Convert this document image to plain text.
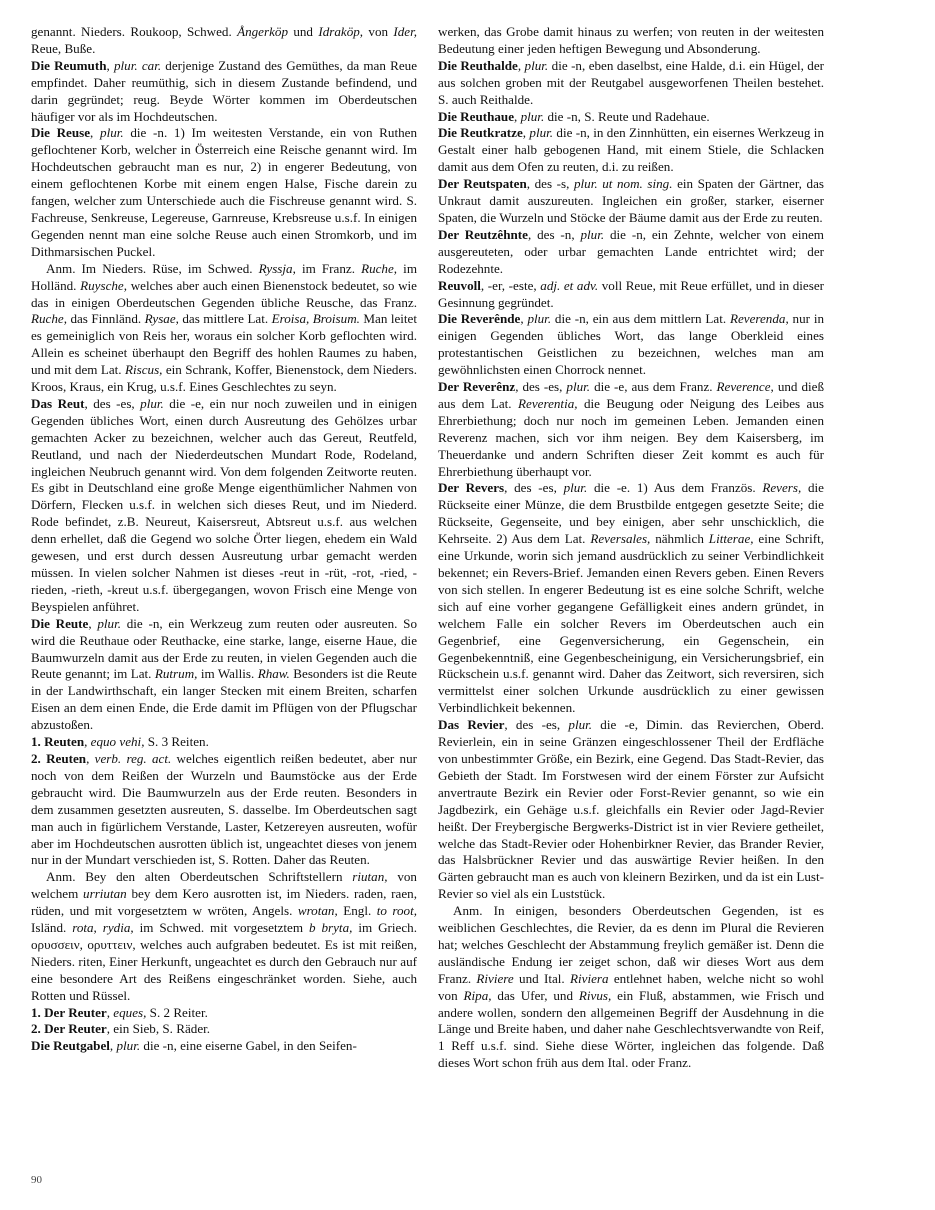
genannt. Nieders. Roukoop, Schwed. Ångerköp und Idraköp, von Ider, Reue, Buße.

Die Reumuth, plur. car. derjenige Zustand des Gemüthes, da man Reue empfindet. Daher reumüthig, sich in diesem Zustande befindend, und darin gegründet; reug. Beyde Wörter kommen im Oberdeutschen häufiger vor als im Hochdeutschen.

Die Reuse, plur. die -n. 1) Im weitesten Verstande, ein von Ruthen geflochtener Korb, welcher in Österreich eine Reische genannt wird. Im Hochdeutschen gebraucht man es nur, 2) in engerer Bedeutung, von einem geflochtenen Korbe mit einem engen Halse, Fische darein zu fangen, welcher zum Unterschiede auch die Fischreuse genannt wird. S. Fachreuse, Senkreuse, Legereuse, Garnreuse, Krebsreuse u.s.f. In einigen Gegenden nennt man eine solche Reuse auch einen Stromkorb, und im Dithmarsischen Puckel.

Anm. Im Nieders. Rüse, im Schwed. Ryssja, im Franz. Ruche, im Holländ. Ruysche, welches aber auch einen Bienenstock bedeutet, so wie das in einigen Oberdeutschen Gegenden übliche Reusche, das Franz. Ruche, das Finnländ. Rysae, das mittlere Lat. Eroisa, Broisum. Man leitet es gemeiniglich von Reis her, woraus ein solcher Korb geflochten wird. Allein es scheinet überhaupt den Begriff des hohlen Raumes zu haben, und mit dem Lat. Riscus, ein Schrank, Koffer, Bienenstock, dem Nieders. Kroos, Kraus, ein Krug, u.s.f. Eines Geschlechtes zu seyn.

Das Reut, des -es, plur. die -e, ein nur noch zuweilen und in einigen Gegenden übliches Wort, einen durch Ausreutung des Gehölzes urbar gemachten Acker zu bezeichnen, welcher auch das Gereut, Reutfeld, Reutland, und nach der Niederdeutschen Mundart Rode, Rodeland, ingleichen Neubruch genannt wird. Von dem folgenden Zeitworte reuten. Es gibt in Deutschland eine große Menge eigenthümlicher Nahmen von Dörfern, Flecken u.s.f. in welchen sich dieses Reut, und im Niederd. Rode befindet, z.B. Neureut, Kaisersreut, Abtsreut u.s.f. aus welchen denn erhellet, daß die Gegend wo solche Örter liegen, ehedem ein Wald gewesen, und erst durch dessen Ausreutung urbar gemacht werden müssen. In vielen solcher Nahmen ist dieses -reut in -rüt, -rot, -ried, -rieden, -rieth, -kreut u.s.f. übergegangen, wovon Frisch eine Menge von Beyspielen anführet.

Die Reute, plur. die -n, ein Werkzeug zum reuten oder ausreuten. So wird die Reuthaue oder Reuthacke, eine starke, lange, eiserne Haue, die Baumwurzeln damit aus der Erde zu reuten, in vielen Gegenden auch die Reute genannt; im Lat. Rutrum, im Wallis. Rhaw. Besonders ist die Reute in der Landwirthschaft, ein langer Stecken mit einem Breiten, scharfen Eisen an dem einen Ende, die Erde damit im Pflügen von der Pflugschar abzustoßen.

1. Reuten, equo vehi, S. 3 Reiten.

2. Reuten, verb. reg. act. welches eigentlich reißen bedeutet, aber nur noch von dem Reißen der Wurzeln und Baumstöcke aus der Erde gebraucht wird. Die Baumwurzeln aus der Erde reuten. Besonders in dem zusammen gesetzten ausreuten, S. dasselbe. Im Oberdeutschen sagt man auch in figürlichem Verstande, Laster, Ketzereyen ausreuten, wofür aber im Hochdeutschen ausrotten üblich ist, ungeachtet dieses von jenem nur in der Mundart verschieden ist, S. Rotten. Daher das Reuten.

Anm. Bey den alten Oberdeutschen Schriftstellern riutan, von welchem urriutan bey dem Kero ausrotten ist, im Nieders. raden, raen, rüden, und mit vorgesetztem w wröten, Angels. wrotan, Engl. to root, Isländ. rota, rydia, im Schwed. mit vorgesetztem b bryta, im Griech. ορυσσειν, ορυττειν, welches auch aufgraben bedeutet. Es ist mit reißen, Nieders. riten, Einer Herkunft, ungeachtet es durch den Gebrauch nur auf eine besondere Art des Reißens eingeschränket worden. Siehe, auch Rotten und Rüssel.

1. Der Reuter, eques, S. 2 Reiter.

2. Der Reuter, ein Sieb, S. Räder.

Die Reutgabel, plur. die -n, eine eiserne Gabel, in den Seifen-

werken, das Grobe damit hinaus zu werfen; von reuten in der weitesten Bedeutung einer jeden heftigen Bewegung und Absonderung.

Die Reuthalde, plur. die -n, eben daselbst, eine Halde, d.i. ein Hügel, der aus solchen groben mit der Reutgabel ausgeworfenen Theilen bestehet. S. auch Reithalde.

Die Reuthaue, plur. die -n, S. Reute und Radehaue.

Die Reutkratze, plur. die -n, in den Zinnhütten, ein eisernes Werkzeug in Gestalt einer halb gebogenen Hand, mit einem Stiele, die Schlacken damit aus dem Ofen zu reuten, d.i. zu reißen.

Der Reutspaten, des -s, plur. ut nom. sing. ein Spaten der Gärtner, das Unkraut damit auszureuten. Ingleichen ein großer, starker, eiserner Spaten, die Wurzeln und Stöcke der Bäume damit aus der Erde zu reuten.

Der Reutzêhnte, des -n, plur. die -n, ein Zehnte, welcher von einem ausgereuteten, oder urbar gemachten Lande entrichtet wird; der Rodezehnte.

Reuvoll, -er, -este, adj. et adv. voll Reue, mit Reue erfüllet, und in dieser Gesinnung gegründet.

Die Reverênde, plur. die -n, ein aus dem mittlern Lat. Reverenda, nur in einigen Gegenden übliches Wort, das lange Oberkleid eines protestantischen Geistlichen zu bezeichnen, welches man am gewöhnlichsten einen Chorrock nennet.

Der Reverênz, des -es, plur. die -e, aus dem Franz. Reverence, und dieß aus dem Lat. Reverentia, die Beugung oder Neigung des Leibes aus Ehrerbiethung; doch nur noch im gemeinen Leben. Jemanden einen Reverenz machen, sich vor ihm neigen. Bey dem Kaisersberg, im Theuerdanke und andern Schriften dieser Zeit kommt es auch für Ehrerbiethung überhaupt vor.

Der Revers, des -es, plur. die -e. 1) Aus dem Französ. Revers, die Rückseite einer Münze, die dem Brustbilde entgegen gesetzte Seite; die Rückseite, Gegenseite, und bey einigen, aber sehr unschicklich, die Kehrseite. 2) Aus dem Lat. Reversales, nähmlich Litterae, eine Schrift, eine Urkunde, worin sich jemand ausdrücklich zu seiner Verbindlichkeit bekennet; ein Revers-Brief. Jemanden einen Revers geben. Einen Revers von sich stellen. In engerer Bedeutung ist es eine solche Schrift, welche sich auf eine vorher gegangene Gefälligkeit eines andern gründet, in welchem Falle ein solcher Revers im Oberdeutschen auch ein Gegenbrief, eine Gegenversicherung, ein Gegenschein, ein Gegenbekenntniß, eine Gegenbescheinigung, ein Versicherungsbrief, ein Rückschein u.s.f. genannt wird. Daher das Zeitwort, sich reversiren, sich vermittelst einer solchen Urkunde ausdrücklich zu einer gewissen Verbindlichkeit bekennen.

Das Revier, des -es, plur. die -e, Dimin. das Revierchen, Oberd. Revierlein, ein in seine Gränzen eingeschlossener Theil der Erdfläche von unbestimmter Größe, ein Bezirk, eine Gegend. Das Stadt-Revier, das Gebieth der Stadt. Im Forstwesen wird der einem Förster zur Aufsicht anvertraute Bezirk ein Revier oder Forst-Revier genannt, so wie ein Jagdbezirk, ein Gehäge u.s.f. gleichfalls ein Revier oder Jagd-Revier heißt. Der Freybergische Bergwerks-District ist in vier Reviere getheilet, welche das Stadt-Revier oder Hohenbirkner Revier, das Brander Revier, das Halsbrückner Revier und das auswärtige Revier heißen. In den Gärten gebraucht man es auch von kleinern Bezirken, und da ist ein Lust-Revier so viel als ein Luststück.

Anm. In einigen, besonders Oberdeutschen Gegenden, ist es weiblichen Geschlechtes, die Revier, da es denn im Plural die Revieren hat; welches Geschlecht der Abstammung freylich gemäßer ist. Denn die ausländische Endung ier zeiget schon, daß wir dieses Wort aus dem Franz. Riviere und Ital. Riviera entlehnet haben, welche nicht so wohl von Ripa, das Ufer, und Rivus, ein Fluß, abstammen, wie Frisch und andere wollen, sondern den allgemeinen Begriff der Ausdehnung in die Länge und Breite haben, und daher nahe Geschlechtsverwandte von Reif, 1 Reff u.s.f. sind. Siehe diese Wörter, ingleichen das folgende. Daß dieses Wort schon früh aus dem Ital. oder Franz.

90
